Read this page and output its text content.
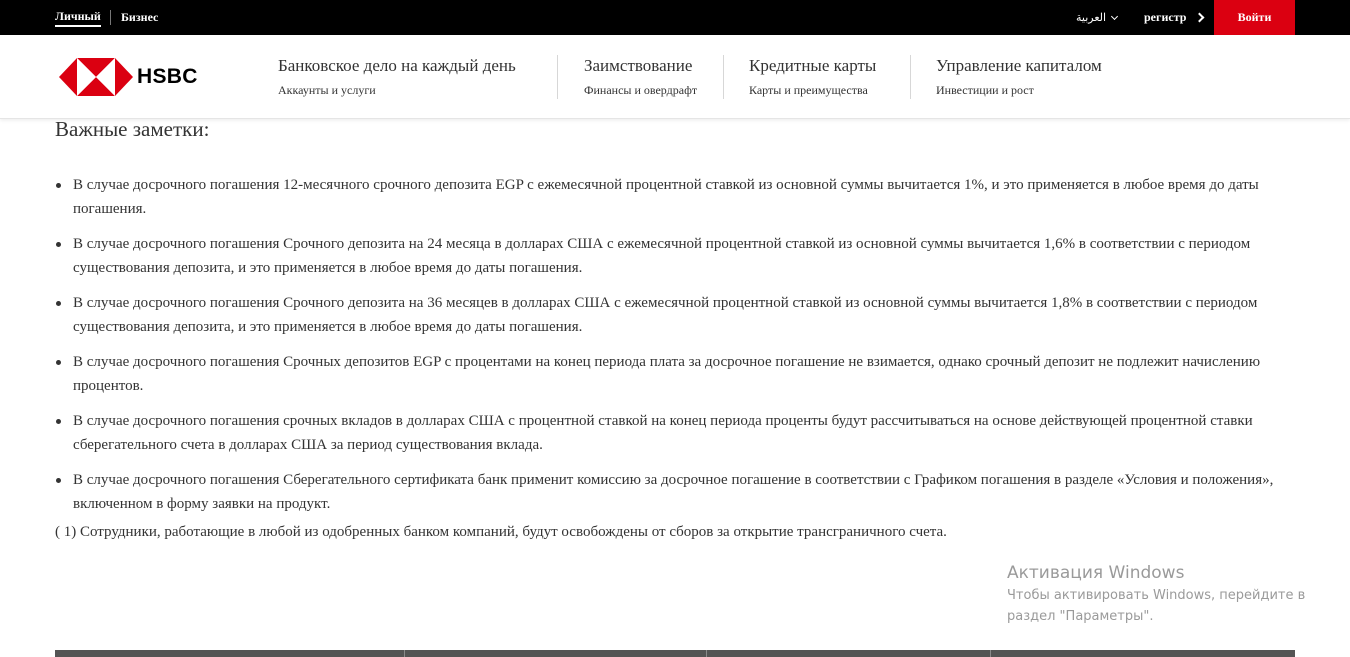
Личный Бизнес	العربية	регистр	Войти
HSBC	Банковское дело на каждый день
Аккаунты и услуги
Заимствование
Финансы и овердрафт
Кредитные карты
Карты и преимущества
Управление капиталом
Инвестиции и рост
Важные заметки:
В случае досрочного погашения 12-месячного срочного депозита EGP с ежемесячной процентной ставкой из основной суммы вычитается 1%, и это применяется в любое время до даты погашения.
В случае досрочного погашения Срочного депозита на 24 месяца в долларах США с ежемесячной процентной ставкой из основной суммы вычитается 1,6% в соответствии с периодом существования депозита, и это применяется в любое время до даты погашения.
В случае досрочного погашения Срочного депозита на 36 месяцев в долларах США с ежемесячной процентной ставкой из основной суммы вычитается 1,8% в соответствии с периодом существования депозита, и это применяется в любое время до даты погашения.
В случае досрочного погашения Срочных депозитов EGP с процентами на конец периода плата за досрочное погашение не взимается, однако срочный депозит не подлежит начислению процентов.
В случае досрочного погашения срочных вкладов в долларах США с процентной ставкой на конец периода проценты будут рассчитываться на основе действующей процентной ставки сберегательного счета в долларах США за период существования вклада.
В случае досрочного погашения Сберегательного сертификата банк применит комиссию за досрочное погашение в соответствии с Графиком погашения в разделе «Условия и положения», включенном в форму заявки на продукт.

( 1) Сотрудники, работающие в любой из одобренных банком компаний, будут освобождены от сборов за открытие трансграничного счета.

Активация Windows
Чтобы активировать Windows, перейдите в
раздел "Параметры".
